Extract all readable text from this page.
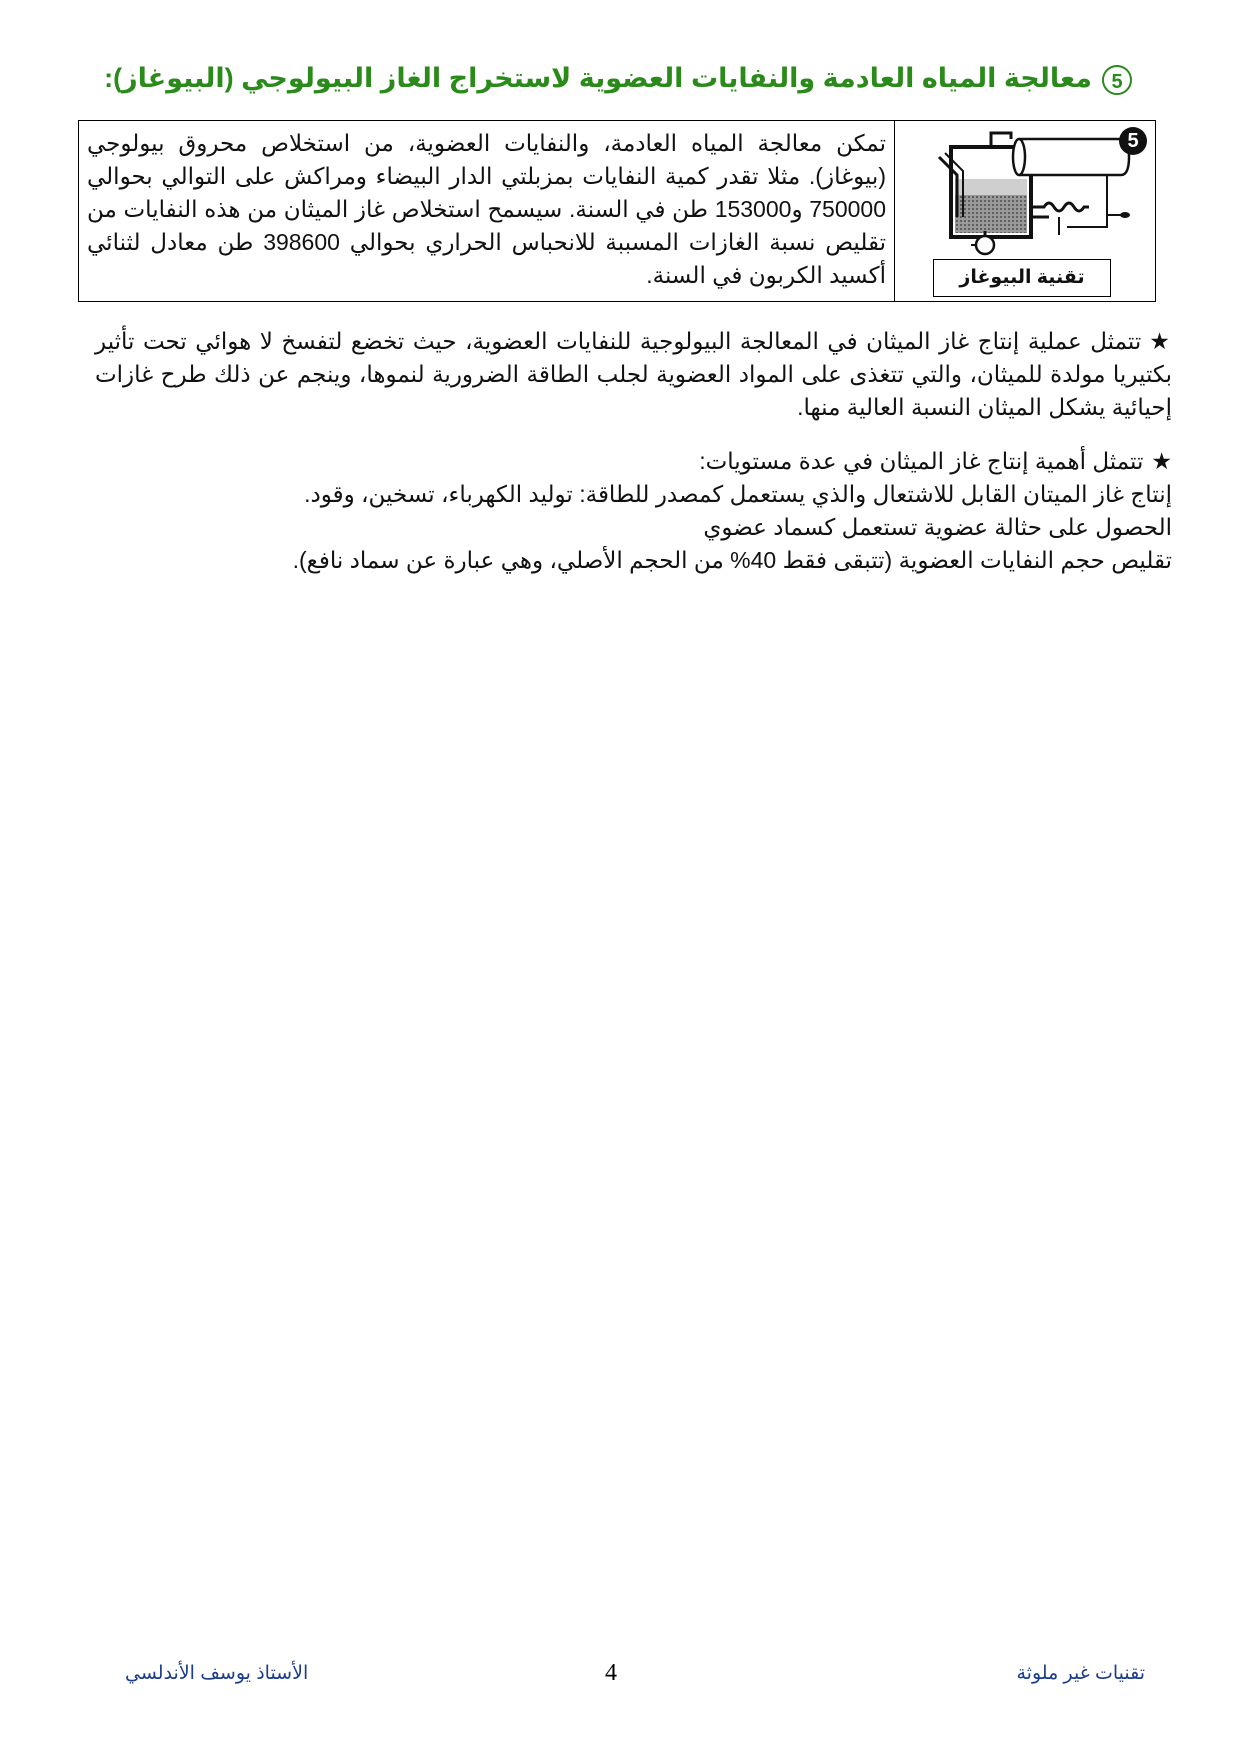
5معالجة المياه العادمة والنفايات العضوية لاستخراج الغاز البيولوجي (البيوغاز):
5
تقنية البيوغاز
تمكن معالجة المياه العادمة، والنفايات العضوية، من استخلاص محروق بيولوجي (بيوغاز). مثلا تقدر كمية النفايات بمزبلتي الدار البيضاء ومراكش على التوالي بحوالي 750000 و153000 طن في السنة. سيسمح استخلاص غاز الميثان من هذه النفايات من تقليص نسبة الغازات المسببة للانحباس الحراري بحوالي 398600 طن معادل لثنائي أكسيد الكربون في السنة.
★تتمثل عملية إنتاج غاز الميثان في المعالجة البيولوجية للنفايات العضوية، حيث تخضع لتفسخ لا هوائي تحت تأثير بكتيريا مولدة للميثان، والتي تتغذى على المواد العضوية لجلب الطاقة الضرورية لنموها، وينجم عن ذلك طرح غازات إحيائية يشكل الميثان النسبة العالية منها.
★تتمثل أهمية إنتاج غاز الميثان في عدة مستويات:
إنتاج غاز الميتان القابل للاشتعال والذي يستعمل كمصدر للطاقة: توليد الكهرباء، تسخين، وقود.
الحصول على حثالة عضوية تستعمل كسماد عضوي
تقليص حجم النفايات العضوية (تتبقى فقط 40% من الحجم الأصلي، وهي عبارة عن سماد نافع).
الأستاذ يوسف الأندلسي	4	تقنيات غير ملوثة
